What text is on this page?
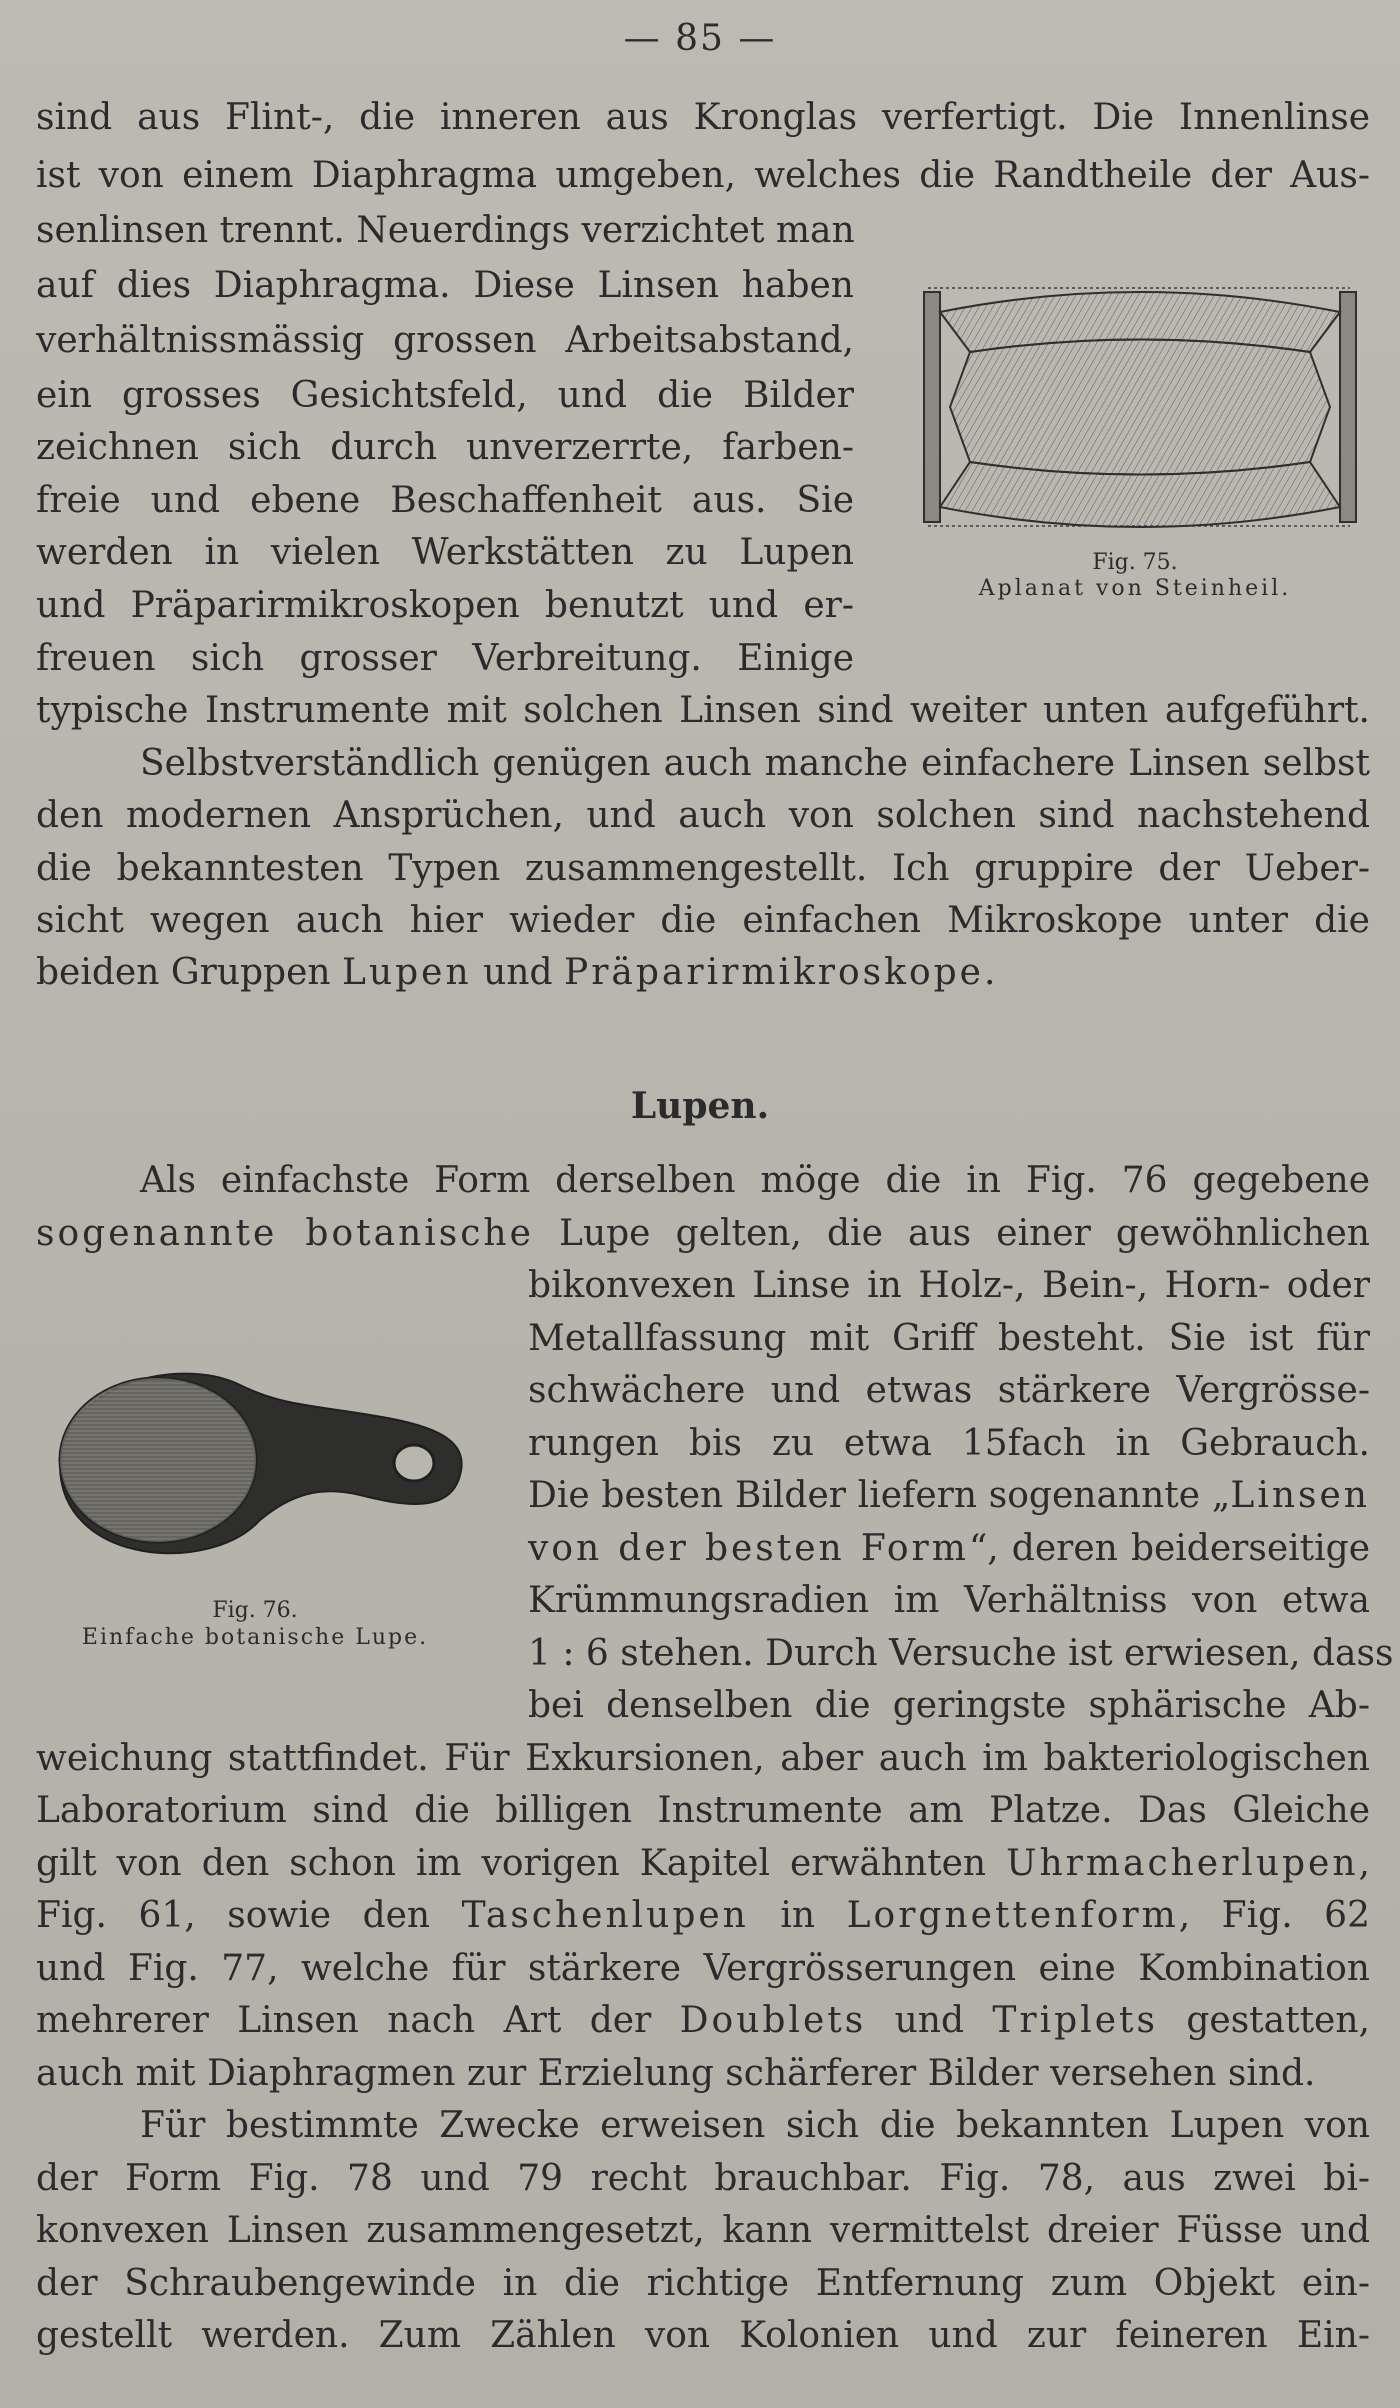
— 85 —
sind aus Flint-, die inneren aus Kronglas verfertigt. Die Innenlinse
ist von einem Diaphragma umgeben, welches die Randtheile der Aus-
senlinsen trennt. Neuerdings verzichtet man
auf dies Diaphragma. Diese Linsen haben
verhältnissmässig grossen Arbeitsabstand,
ein grosses Gesichtsfeld, und die Bilder
zeichnen sich durch unverzerrte, farben-
freie und ebene Beschaffenheit aus. Sie
werden in vielen Werkstätten zu Lupen
und Präparirmikroskopen benutzt und er-
freuen sich grosser Verbreitung. Einige
typische Instrumente mit solchen Linsen sind weiter unten aufgeführt.
Fig. 75.
Aplanat von Steinheil.
Selbstverständlich genügen auch manche einfachere Linsen selbst
den modernen Ansprüchen, und auch von solchen sind nachstehend
die bekanntesten Typen zusammengestellt. Ich gruppire der Ueber-
sicht wegen auch hier wieder die einfachen Mikroskope unter die
beiden Gruppen Lupen und Präparirmikroskope.
Lupen.
Als einfachste Form derselben möge die in Fig. 76 gegebene
sogenannte botanische Lupe gelten, die aus einer gewöhnlichen
bikonvexen Linse in Holz-, Bein-, Horn- oder
Metallfassung mit Griff besteht. Sie ist für
schwächere und etwas stärkere Vergrösse-
rungen bis zu etwa 15fach in Gebrauch.
Die besten Bilder liefern sogenannte „Linsen
von der besten Form“, deren beiderseitige
Krümmungsradien im Verhältniss von etwa
1 : 6 stehen. Durch Versuche ist erwiesen, dass
bei denselben die geringste sphärische Ab-
weichung stattfindet. Für Exkursionen, aber auch im bakteriologischen
Laboratorium sind die billigen Instrumente am Platze. Das Gleiche
gilt von den schon im vorigen Kapitel erwähnten Uhrmacherlupen,
Fig. 61, sowie den Taschenlupen in Lorgnettenform, Fig. 62
und Fig. 77, welche für stärkere Vergrösserungen eine Kombination
mehrerer Linsen nach Art der Doublets und Triplets gestatten,
auch mit Diaphragmen zur Erzielung schärferer Bilder versehen sind.
Fig. 76.
Einfache botanische Lupe.
Für bestimmte Zwecke erweisen sich die bekannten Lupen von
der Form Fig. 78 und 79 recht brauchbar. Fig. 78, aus zwei bi-
konvexen Linsen zusammengesetzt, kann vermittelst dreier Füsse und
der Schraubengewinde in die richtige Entfernung zum Objekt ein-
gestellt werden. Zum Zählen von Kolonien und zur feineren Ein-
